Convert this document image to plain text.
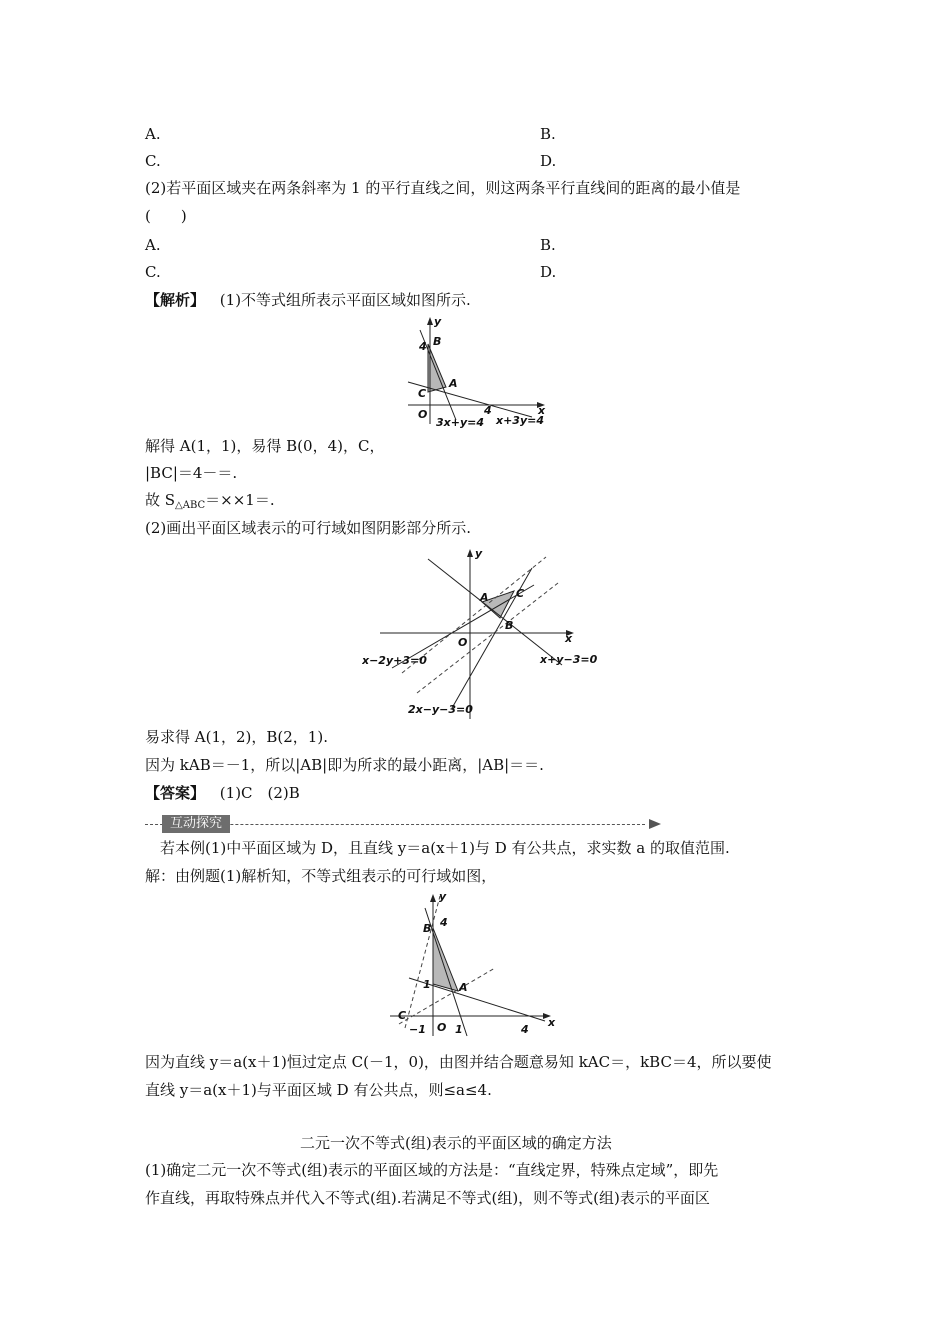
A.	B.
C.	D.
(2)若平面区域夹在两条斜率为 1 的平行直线之间，则这两条平行直线间的距离的最小值是
(　　)
A.	B.
C.	D.
【解析】 (1)不等式组所表示平面区域如图所示.
y
x
O
B
4
A
C
4
3x+y=4 x+3y=4
解得 A(1，1)，易得 B(0，4)，C，
|BC|＝4－＝.
故 $S_{\triangle ABC}=\times\times 1=$.
(2)画出平面区域表示的可行域如图阴影部分所示.
y
x
O
A
B
C
x−2y+3=0	x+y−3=0
2x−y−3=0
易求得 A(1，2)，B(2，1).
因为 kAB＝－1，所以|AB|即为所求的最小距离，|AB|＝＝.
【答案】 (1)C　(2)B
互动探究
若本例(1)中平面区域为 D，且直线 y＝a(x＋1)与 D 有公共点，求实数 a 的取值范围.
解：由例题(1)解析知，不等式组表示的可行域如图，
y
x
O
B 4
A
1
C
−1	1	4
因为直线 y＝a(x＋1)恒过定点 C(－1，0)，由图并结合题意易知 kAC＝，kBC＝4，所以要使
直线 y＝a(x＋1)与平面区域 D 有公共点，则≤a≤4.
二元一次不等式(组)表示的平面区域的确定方法
(1)确定二元一次不等式(组)表示的平面区域的方法是：“直线定界，特殊点定域”，即先
作直线，再取特殊点并代入不等式(组).若满足不等式(组)，则不等式(组)表示的平面区
